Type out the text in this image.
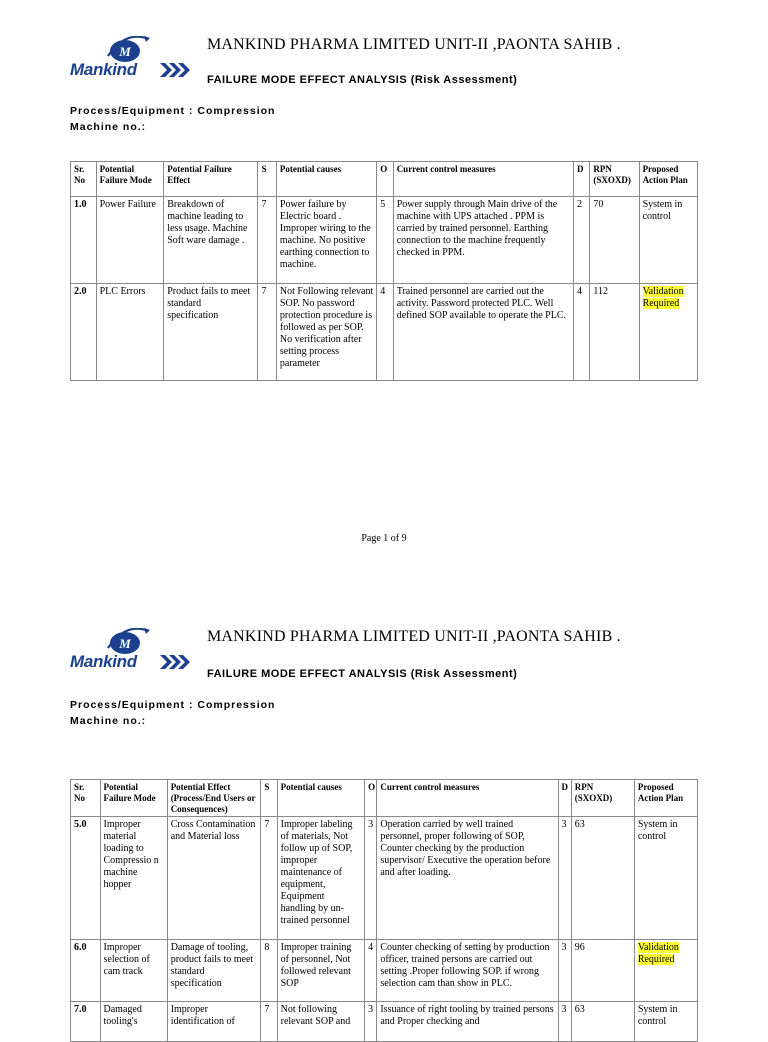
M
Mankind
MANKIND PHARMA LIMITED UNIT-II ,PAONTA SAHIB .
FAILURE MODE EFFECT ANALYSIS (Risk Assessment)
Process/Equipment : Compression
Machine no.:
Sr. No	Potential Failure Mode	Potential Failure Effect	S	Potential causes	O	Current control measures	D	RPN (SXOXD)	Proposed Action Plan
1.0	Power Failure	Breakdown of machine leading to less usage. Machine Soft ware damage .	7	Power failure by Electric board . Improper wiring to the machine. No positive earthing connection to machine.	5	Power supply through Main drive of the machine with UPS attached . PPM is carried by trained personnel. Earthing connection to the machine frequently checked in PPM.	2	70	System in control
2.0	PLC Errors	Product fails to meet standard specification	7	Not Following relevant SOP. No password protection procedure is followed as per SOP. No verification after setting process parameter	4	Trained personnel are carried out the activity. Password protected PLC. Well defined SOP available to operate the PLC.	4	112	Validation Required
Page 1 of 9
M
Mankind
MANKIND PHARMA LIMITED UNIT-II ,PAONTA SAHIB .
FAILURE MODE EFFECT ANALYSIS (Risk Assessment)
Process/Equipment : Compression
Machine no.:
Sr. No	Potential Failure Mode	Potential Effect (Process/End Users or Consequences)	S	Potential causes	O	Current control measures	D	RPN (SXOXD)	Proposed Action Plan
5.0	Improper material loading to Compressio n machine hopper	Cross Contamination and Material loss	7	Improper labeling of materials, Not follow up of SOP, improper maintenance of equipment, Equipment handling by un-trained personnel	3	Operation carried by well trained personnel, proper following of SOP, Counter checking by the production supervisor/ Executive the operation before and after loading.	3	63	System in control
6.0	Improper selection of cam track	Damage of tooling, product fails to meet standard specification	8	Improper training of personnel, Not followed relevant SOP	4	Counter checking of setting by production officer, trained persons are carried out setting .Proper following SOP. if wrong selection cam than show in PLC.	3	96	Validation Required
7.0	Damaged tooling's	Improper identification of	7	Not following relevant SOP and	3	Issuance of right tooling by trained persons and Proper checking and	3	63	System in control
